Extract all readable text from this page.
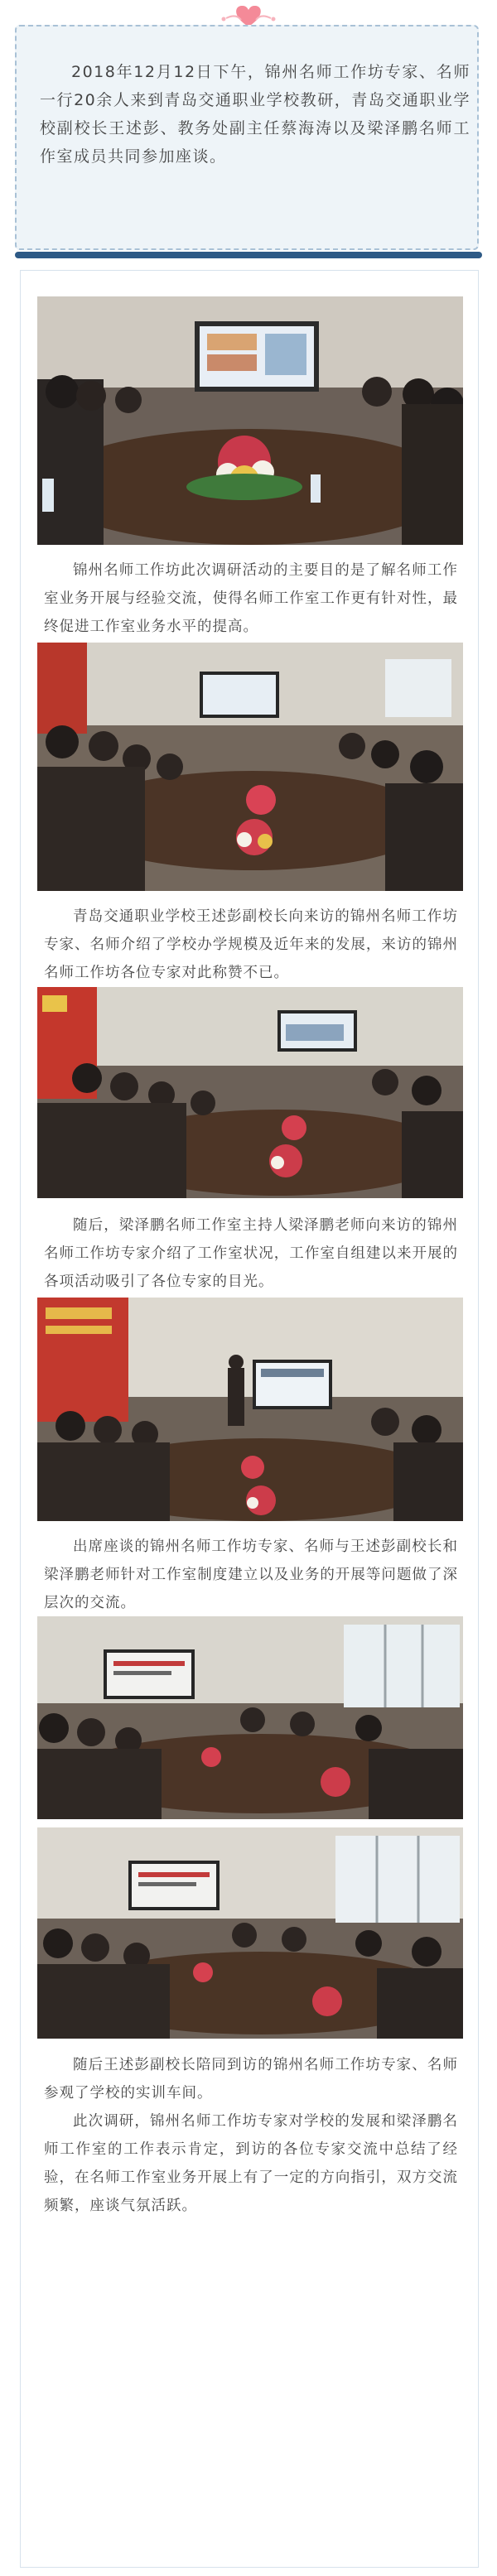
2018年12月12日下午，锦州名师工作坊专家、名师一行20余人来到青岛交通职业学校教研，青岛交通职业学校副校长王述彭、教务处副主任蔡海涛以及梁泽鹏名师工作室成员共同参加座谈。

锦州名师工作坊此次调研活动的主要目的是了解名师工作室业务开展与经验交流，使得名师工作室工作更有针对性，最终促进工作室业务水平的提高。

青岛交通职业学校王述彭副校长向来访的锦州名师工作坊专家、名师介绍了学校办学规模及近年来的发展，来访的锦州名师工作坊各位专家对此称赞不已。

随后，梁泽鹏名师工作室主持人梁泽鹏老师向来访的锦州名师工作坊专家介绍了工作室状况，工作室自组建以来开展的各项活动吸引了各位专家的目光。

出席座谈的锦州名师工作坊专家、名师与王述彭副校长和梁泽鹏老师针对工作室制度建立以及业务的开展等问题做了深层次的交流。

随后王述彭副校长陪同到访的锦州名师工作坊专家、名师参观了学校的实训车间。

此次调研，锦州名师工作坊专家对学校的发展和梁泽鹏名师工作室的工作表示肯定，到访的各位专家交流中总结了经验，在名师工作室业务开展上有了一定的方向指引，双方交流频繁，座谈气氛活跃。
